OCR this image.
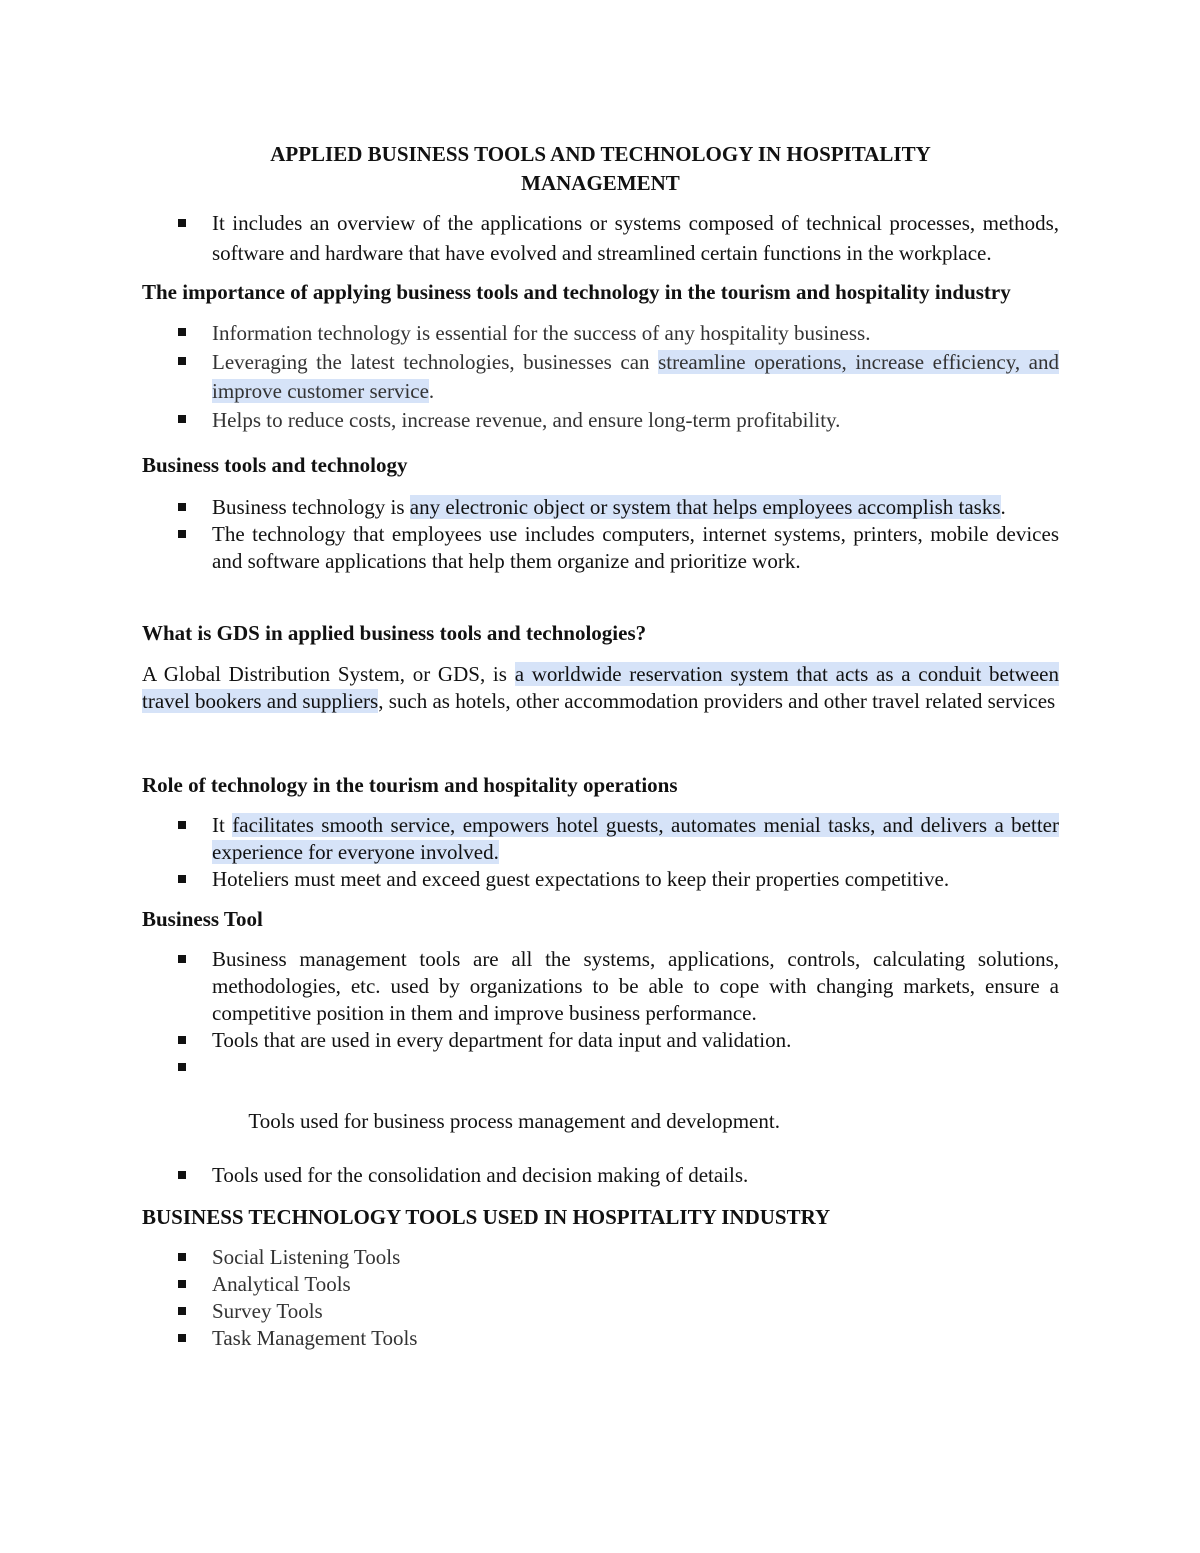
APPLIED BUSINESS TOOLS AND TECHNOLOGY IN HOSPITALITY
MANAGEMENT
It includes an overview of the applications or systems composed of technical processes, methods, software and hardware that have evolved and streamlined certain functions in the workplace.
The importance of applying business tools and technology in the tourism and hospitality industry
Information technology is essential for the success of any hospitality business.
Leveraging the latest technologies, businesses can streamline operations, increase efficiency, and improve customer service.
Helps to reduce costs, increase revenue, and ensure long-term profitability.
Business tools and technology
Business technology is any electronic object or system that helps employees accomplish tasks.
The technology that employees use includes computers, internet systems, printers, mobile devices and software applications that help them organize and prioritize work.
What is GDS in applied business tools and technologies?

A Global Distribution System, or GDS, is a worldwide reservation system that acts as a conduit between travel bookers and suppliers, such as hotels, other accommodation providers and other travel related services

Role of technology in the tourism and hospitality operations
It facilitates smooth service, empowers hotel guests, automates menial tasks, and delivers a better experience for everyone involved.
Hoteliers must meet and exceed guest expectations to keep their properties competitive.
Business Tool
Business management tools are all the systems, applications, controls, calculating solutions, methodologies, etc. used by organizations to be able to cope with changing markets, ensure a competitive position in them and improve business performance.
Tools that are used in every department for data input and validation.

Tools used for business process management and development.

Tools used for the consolidation and decision making of details.
BUSINESS TECHNOLOGY TOOLS USED IN HOSPITALITY INDUSTRY
Social Listening Tools
Analytical Tools
Survey Tools
Task Management Tools
